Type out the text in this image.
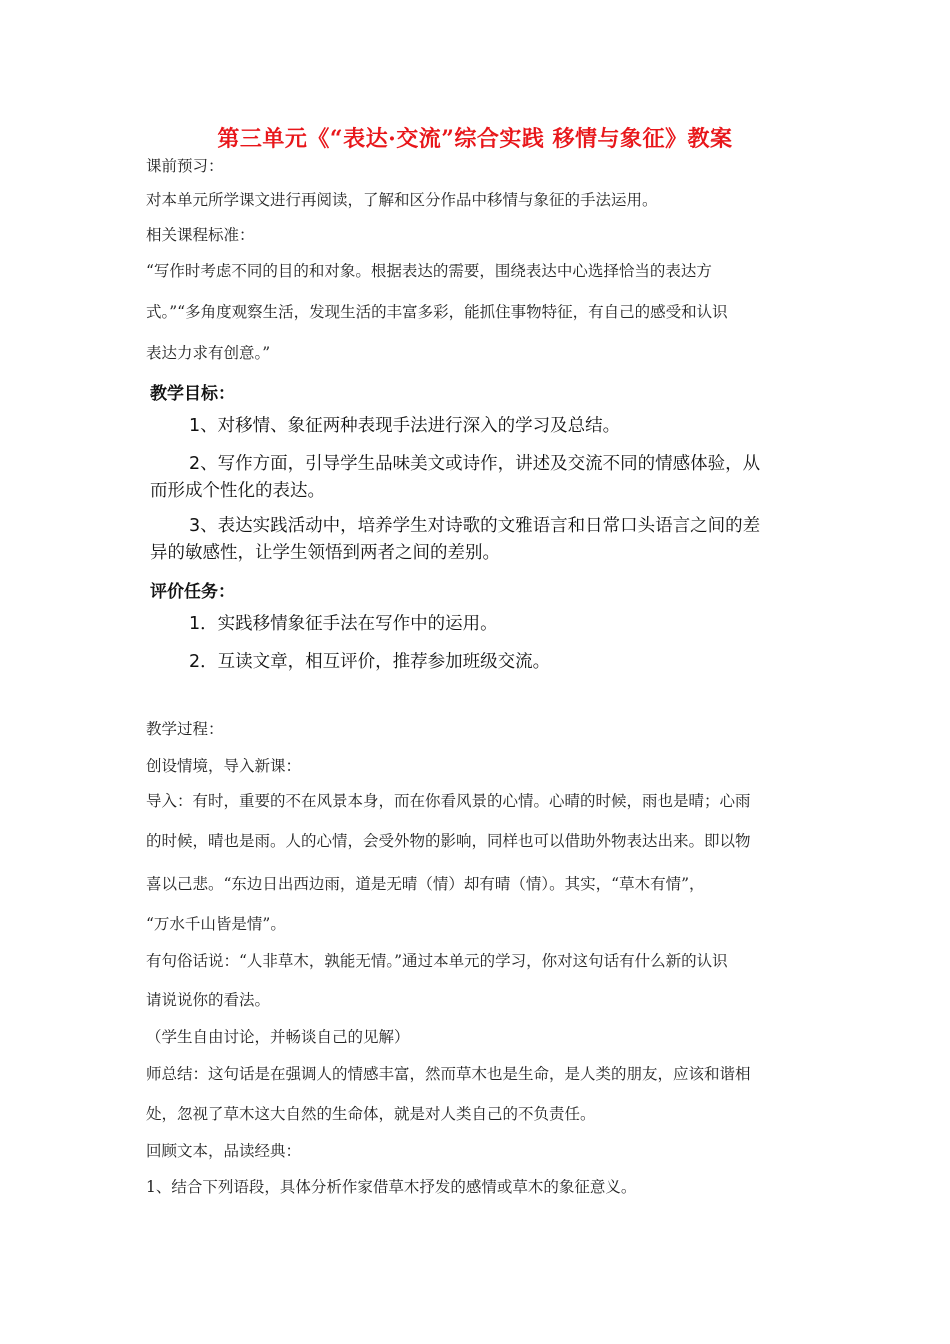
第三单元《“表达·交流”综合实践 移情与象征》教案
课前预习：
对本单元所学课文进行再阅读，了解和区分作品中移情与象征的手法运用。
相关课程标准：
“写作时考虑不同的目的和对象。根据表达的需要，围绕表达中心选择恰当的表达方
式。”“多角度观察生活，发现生活的丰富多彩，能抓住事物特征，有自己的感受和认识
表达力求有创意。”
教学目标：
1、对移情、象征两种表现手法进行深入的学习及总结。
2、写作方面，引导学生品味美文或诗作，讲述及交流不同的情感体验，从
而形成个性化的表达。
3、表达实践活动中，培养学生对诗歌的文雅语言和日常口头语言之间的差
异的敏感性，让学生领悟到两者之间的差别。
评价任务：
1．实践移情象征手法在写作中的运用。
2．互读文章，相互评价，推荐参加班级交流。
教学过程：
创设情境，导入新课：
导入：有时，重要的不在风景本身，而在你看风景的心情。心晴的时候，雨也是晴；心雨
的时候，晴也是雨。人的心情，会受外物的影响，同样也可以借助外物表达出来。即以物
喜以己悲。“东边日出西边雨，道是无晴（情）却有晴（情）。其实，“草木有情”，
“万水千山皆是情”。
有句俗话说：“人非草木，孰能无情。”通过本单元的学习，你对这句话有什么新的认识
请说说你的看法。
（学生自由讨论，并畅谈自己的见解）
师总结：这句话是在强调人的情感丰富，然而草木也是生命，是人类的朋友，应该和谐相
处，忽视了草木这大自然的生命体，就是对人类自己的不负责任。
回顾文本，品读经典：
1、结合下列语段，具体分析作家借草木抒发的感情或草木的象征意义。
